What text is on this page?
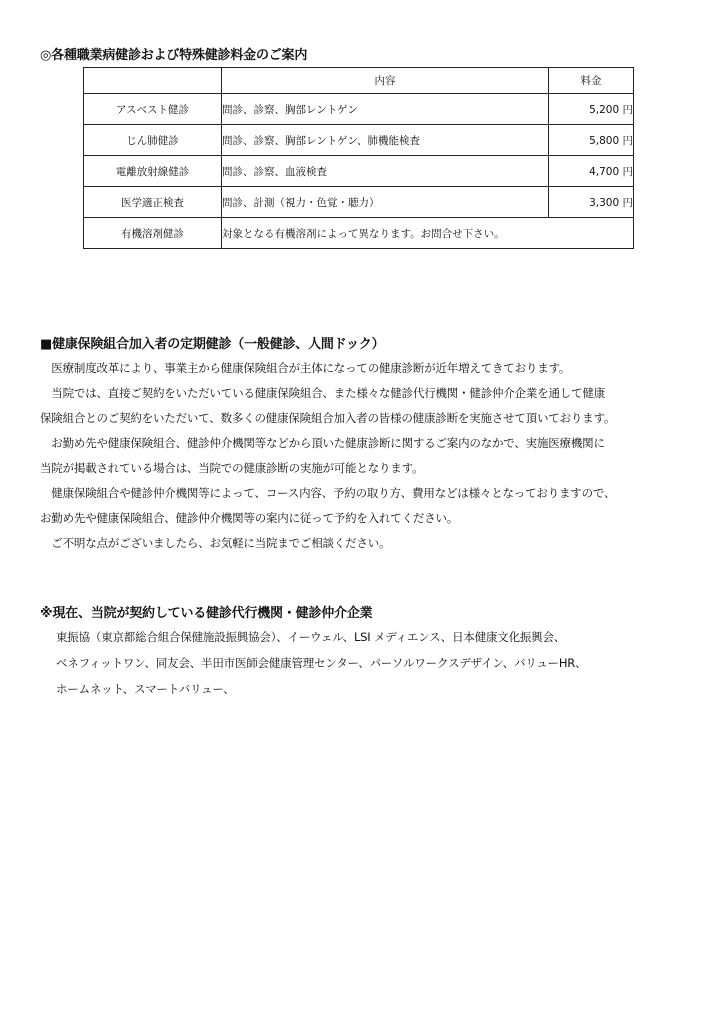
◎各種職業病健診および特殊健診料金のご案内
	内容	料金
アスベスト健診	問診、診察、胸部レントゲン	5,200 円
じん肺健診	問診、診察、胸部レントゲン、肺機能検査	5,800 円
電離放射線健診	問診、診察、血液検査	4,700 円
医学適正検査	問診、計測（視力・色覚・聴力）	3,300 円
有機溶剤健診	対象となる有機溶剤によって異なります。お問合せ下さい。	
■健康保険組合加入者の定期健診（一般健診、人間ドック）
　医療制度改革により、事業主から健康保険組合が主体になっての健康診断が近年増えてきております。
　当院では、直接ご契約をいただいている健康保険組合、また様々な健診代行機関・健診仲介企業を通して健康
保険組合とのご契約をいただいて、数多くの健康保険組合加入者の皆様の健康診断を実施させて頂いております。
　お勤め先や健康保険組合、健診仲介機関等などから頂いた健康診断に関するご案内のなかで、実施医療機関に
当院が掲載されている場合は、当院での健康診断の実施が可能となります。
　健康保険組合や健診仲介機関等によって、コース内容、予約の取り方、費用などは様々となっておりますので、
お勤め先や健康保険組合、健診仲介機関等の案内に従って予約を入れてください。
　ご不明な点がございましたら、お気軽に当院までご相談ください。
※現在、当院が契約している健診代行機関・健診仲介企業
東振協（東京都総合組合保健施設振興協会）、イーウェル、LSI メディエンス、日本健康文化振興会、
ベネフィットワン、同友会、半田市医師会健康管理センター、パーソルワークスデザイン、バリューHR、
ホームネット、スマートバリュー、
